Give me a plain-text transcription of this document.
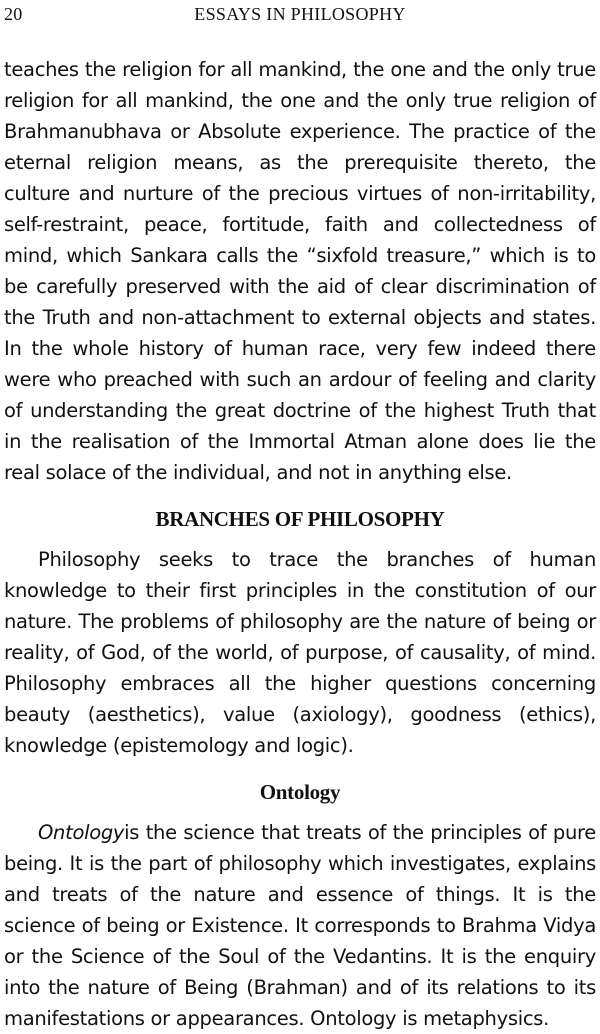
20	ESSAYS IN PHILOSOPHY

teaches the religion for all mankind, the one and the only true religion for all mankind, the one and the only true religion of Brahmanubhava or Absolute experience. The practice of the eternal religion means, as the prerequisite thereto, the culture and nurture of the precious virtues of non-irritability, self-restraint, peace, fortitude, faith and collectedness of mind, which Sankara calls the “sixfold treasure,” which is to be carefully preserved with the aid of clear discrimination of the Truth and non-attachment to external objects and states. In the whole history of human race, very few indeed there were who preached with such an ardour of feeling and clarity of understanding the great doctrine of the highest Truth that in the realisation of the Immortal Atman alone does lie the real solace of the individual, and not in anything else.

BRANCHES OF PHILOSOPHY

Philosophy seeks to trace the branches of human knowledge to their first principles in the constitution of our nature. The problems of philosophy are the nature of being or reality, of God, of the world, of purpose, of causality, of mind. Philosophy embraces all the higher questions concerning beauty (aesthetics), value (axiology), goodness (ethics), knowledge (epistemology and logic).

Ontology

Ontologyis the science that treats of the principles of pure being. It is the part of philosophy which investigates, explains and treats of the nature and essence of things. It is the science of being or Existence. It corresponds to Brahma Vidya or the Science of the Soul of the Vedantins. It is the enquiry into the nature of Being (Brahman) and of its relations to its manifestations or appearances. Ontology is metaphysics.
